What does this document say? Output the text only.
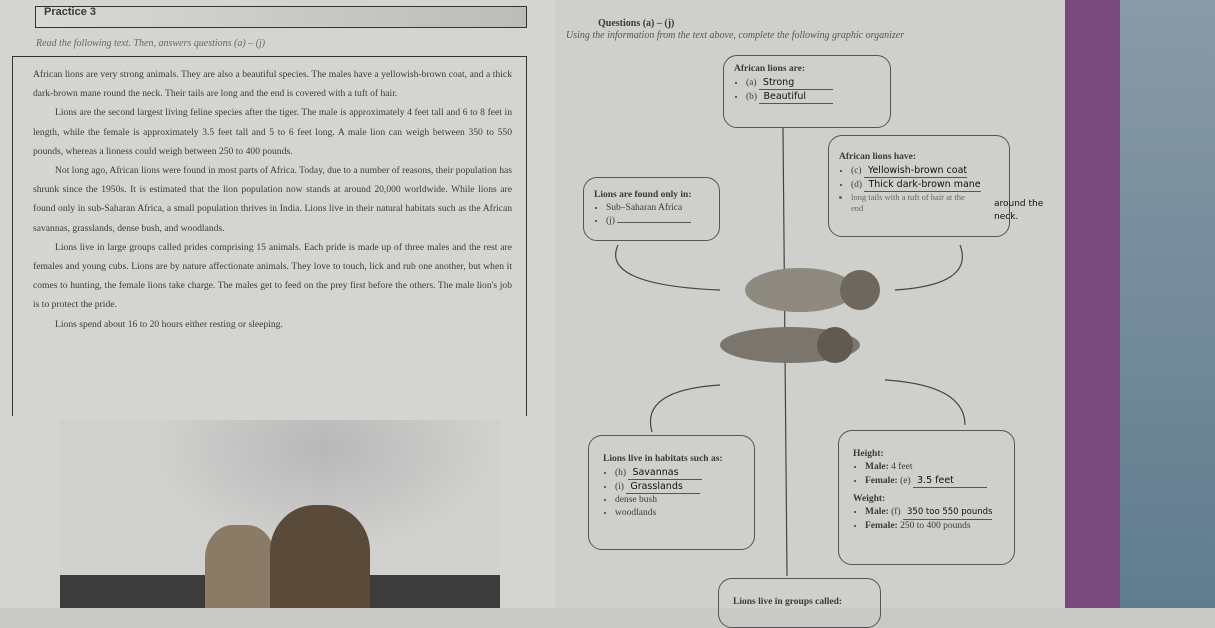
Practice 3
Read the following text. Then, answers questions (a) – (j)

African lions are very strong animals. They are also a beautiful species. The males have a yellowish-brown coat, and a thick dark-brown mane round the neck. Their tails are long and the end is covered with a tuft of hair.

Lions are the second largest living feline species after the tiger. The male is approximately 4 feet tall and 6 to 8 feet in length, while the female is approximately 3.5 feet tall and 5 to 6 feet long. A male lion can weigh between 350 to 550 pounds, whereas a lioness could weigh between 250 to 400 pounds.

Not long ago, African lions were found in most parts of Africa. Today, due to a number of reasons, their population has shrunk since the 1950s. It is estimated that the lion population now stands at around 20,000 worldwide. While lions are found only in sub-Saharan Africa, a small population thrives in India. Lions live in their natural habitats such as the African savannas, grasslands, dense bush, and woodlands.

Lions live in large groups called prides comprising 15 animals. Each pride is made up of three males and the rest are females and young cubs. Lions are by nature affectionate animals. They love to touch, lick and rub one another, but when it comes to hunting, the female lions take charge. The males get to feed on the prey first before the others. The male lion's job is to protect the pride.

Lions spend about 16 to 20 hours either resting or sleeping.

Questions (a) – (j)
Using the information from the text above, complete the following graphic organizer
African lions are:
• (a) Strong
• (b) Beautiful
African lions have:
• (c) Yellowish-brown coat
• (d) Thick dark-brown mane
• long tails with a tuft of hair at the end	around the neck.
Lions are found only in:
• Sub–Saharan Africa
• (j)
Lions live in habitats such as:
• (h) Savannas
• (i) Grasslands
• dense bush
• woodlands
Height:
• Male: 4 feet
• Female: (e) 3.5 feet
Weight:
• Male: (f) 350 too 550 pounds
• Female: 250 to 400 pounds
Lions live in groups called:
